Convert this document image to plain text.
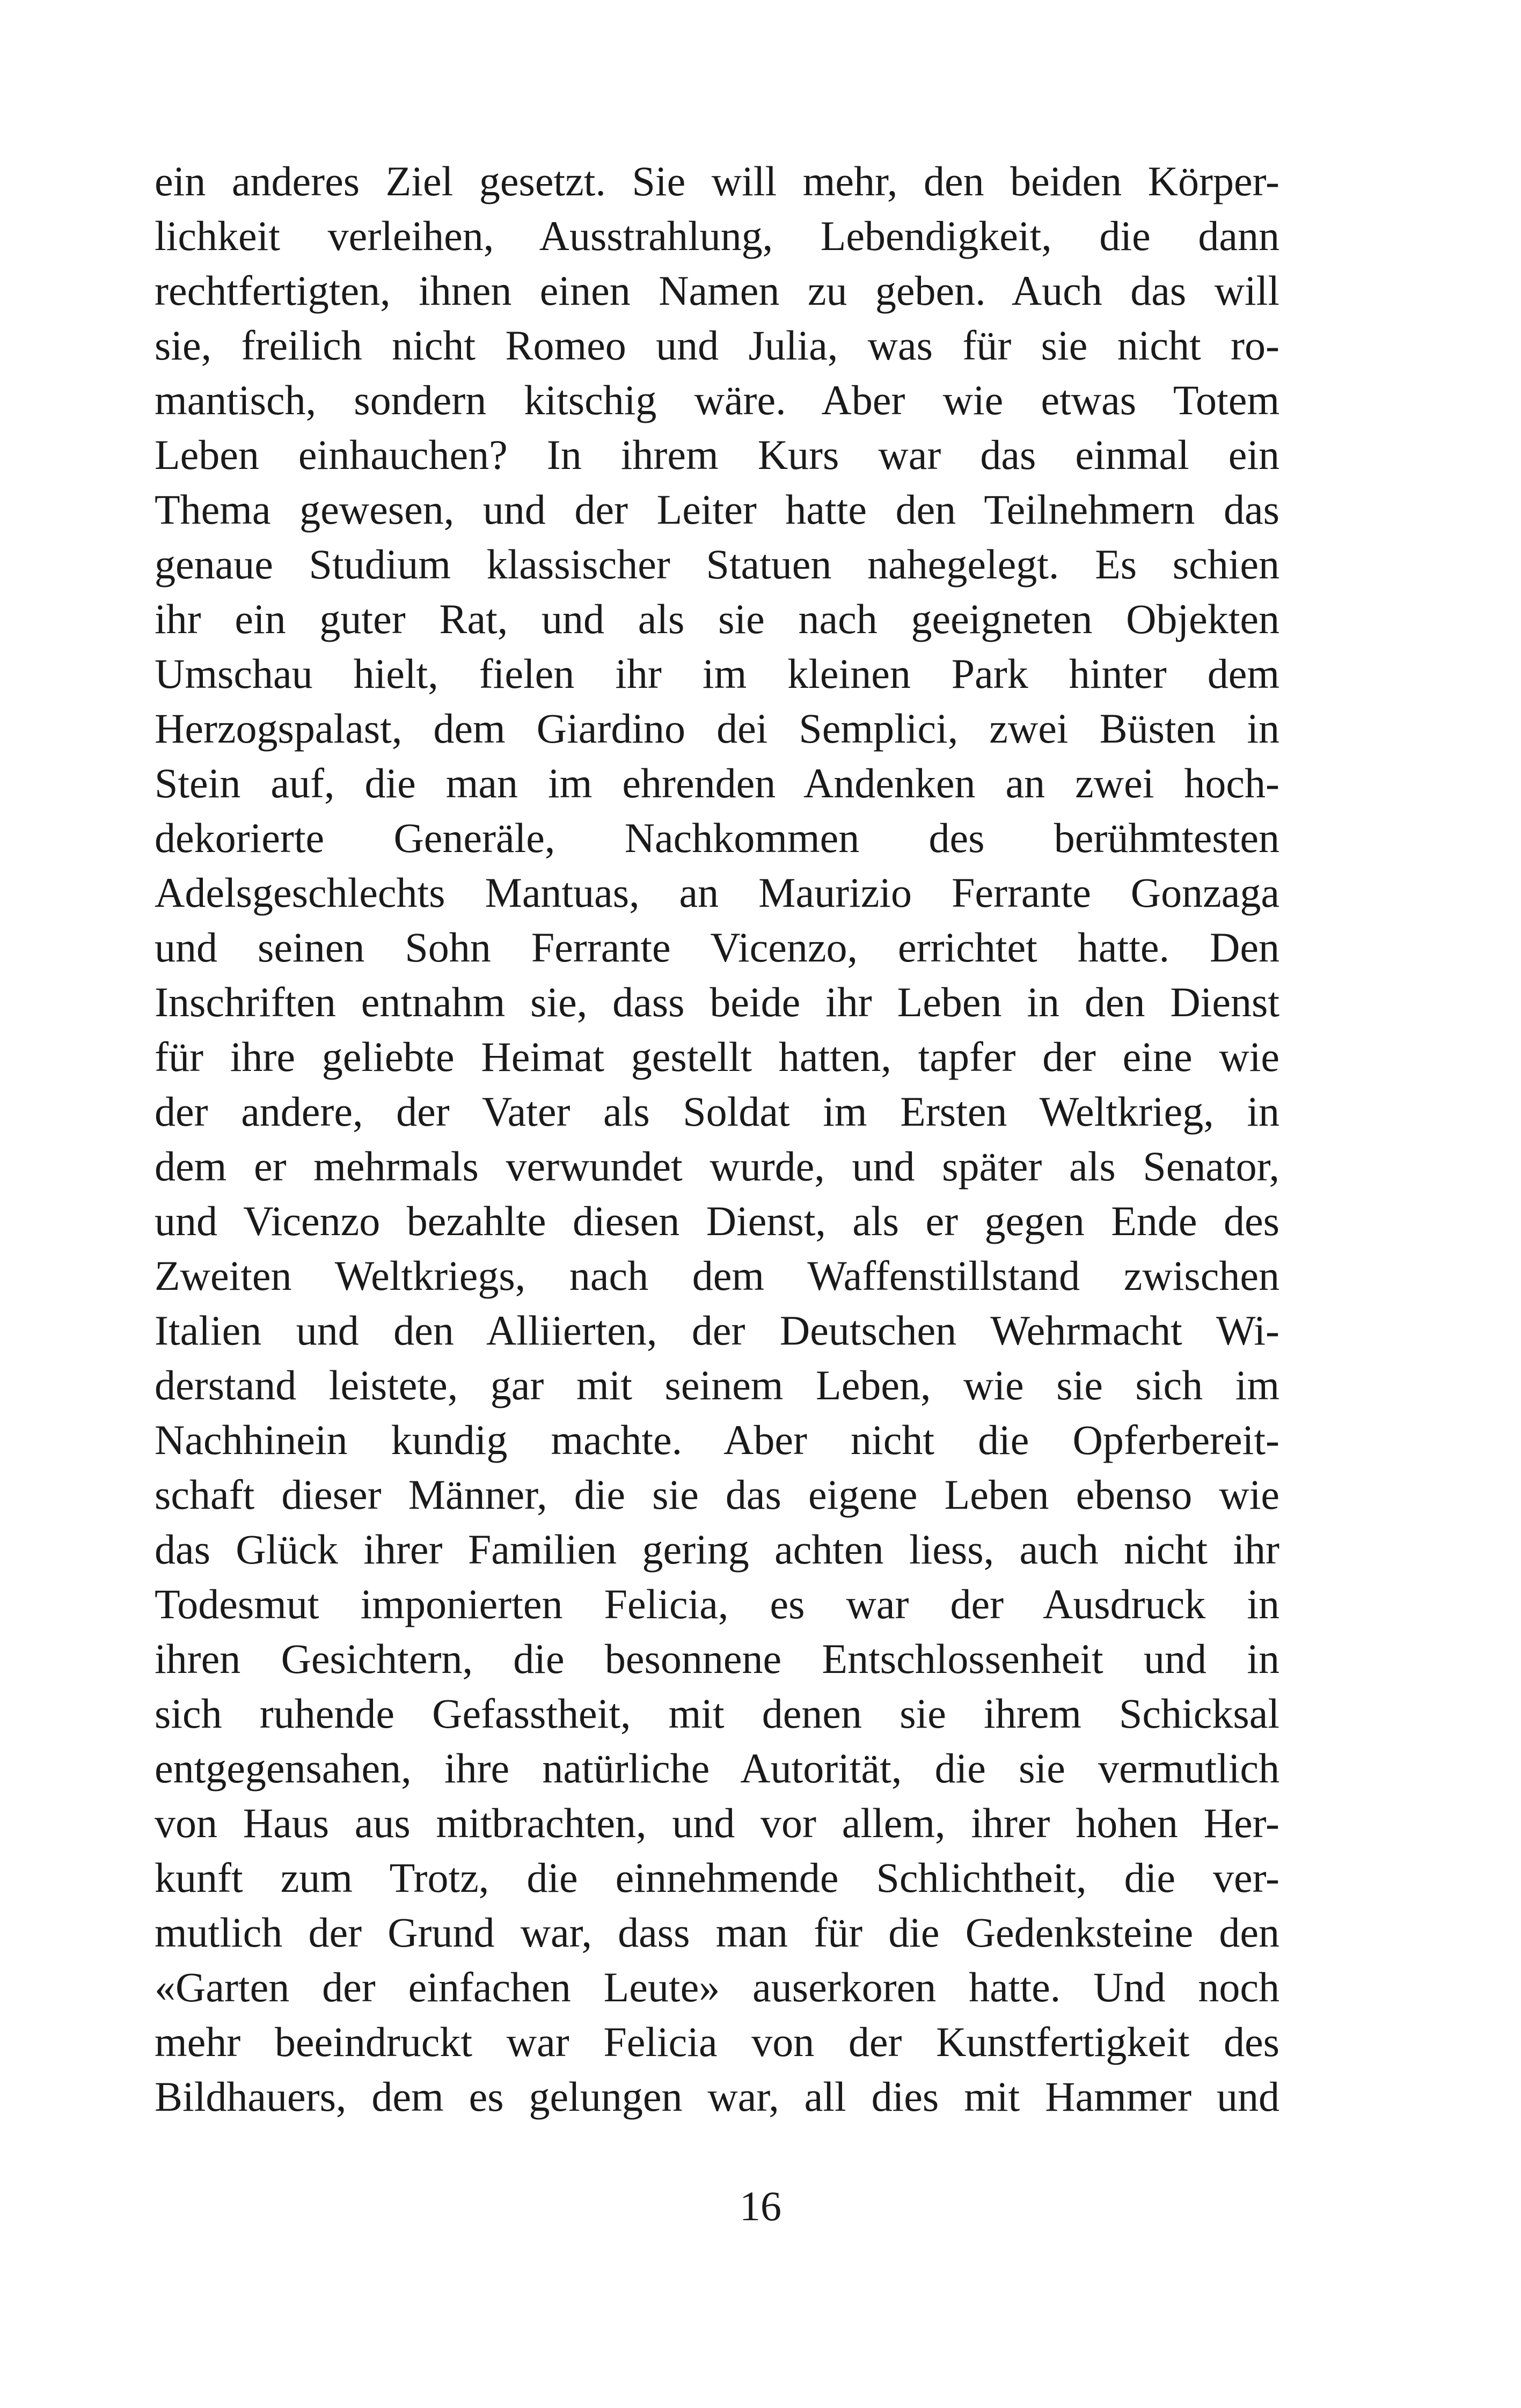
ein anderes Ziel gesetzt. Sie will mehr, den beiden Körper-
lichkeit verleihen, Ausstrahlung, Lebendigkeit, die dann
rechtfertigten, ihnen einen Namen zu geben. Auch das will
sie, freilich nicht Romeo und Julia, was für sie nicht ro-
mantisch, sondern kitschig wäre. Aber wie etwas Totem
Leben einhauchen? In ihrem Kurs war das einmal ein
Thema gewesen, und der Leiter hatte den Teilnehmern das
genaue Studium klassischer Statuen nahegelegt. Es schien
ihr ein guter Rat, und als sie nach geeigneten Objekten
Umschau hielt, fielen ihr im kleinen Park hinter dem
Herzogspalast, dem Giardino dei Semplici, zwei Büsten in
Stein auf, die man im ehrenden Andenken an zwei hoch-
dekorierte Generäle, Nachkommen des berühmtesten
Adelsgeschlechts Mantuas, an Maurizio Ferrante Gonzaga
und seinen Sohn Ferrante Vicenzo, errichtet hatte. Den
Inschriften entnahm sie, dass beide ihr Leben in den Dienst
für ihre geliebte Heimat gestellt hatten, tapfer der eine wie
der andere, der Vater als Soldat im Ersten Weltkrieg, in
dem er mehrmals verwundet wurde, und später als Senator,
und Vicenzo bezahlte diesen Dienst, als er gegen Ende des
Zweiten Weltkriegs, nach dem Waffenstillstand zwischen
Italien und den Alliierten, der Deutschen Wehrmacht Wi-
derstand leistete, gar mit seinem Leben, wie sie sich im
Nachhinein kundig machte. Aber nicht die Opferbereit-
schaft dieser Männer, die sie das eigene Leben ebenso wie
das Glück ihrer Familien gering achten liess, auch nicht ihr
Todesmut imponierten Felicia, es war der Ausdruck in
ihren Gesichtern, die besonnene Entschlossenheit und in
sich ruhende Gefasstheit, mit denen sie ihrem Schicksal
entgegensahen, ihre natürliche Autorität, die sie vermutlich
von Haus aus mitbrachten, und vor allem, ihrer hohen Her-
kunft zum Trotz, die einnehmende Schlichtheit, die ver-
mutlich der Grund war, dass man für die Gedenksteine den
«Garten der einfachen Leute» auserkoren hatte. Und noch
mehr beeindruckt war Felicia von der Kunstfertigkeit des
Bildhauers, dem es gelungen war, all dies mit Hammer und
16
